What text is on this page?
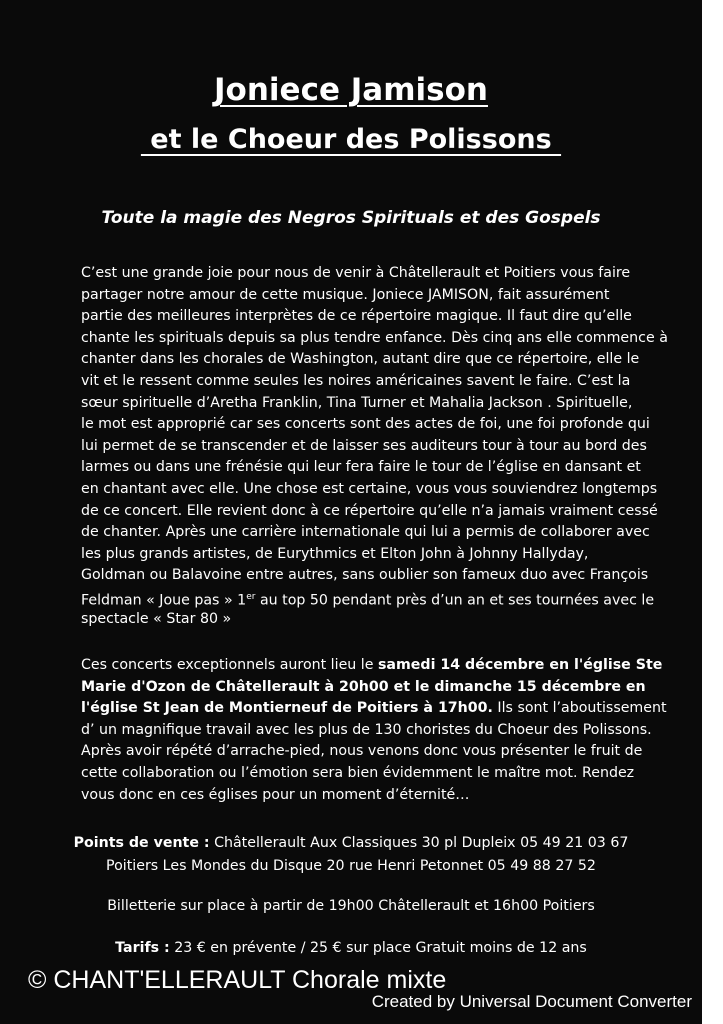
Joniece Jamison
et le Choeur des Polissons
Toute la magie des Negros Spirituals et des Gospels
C’est une grande joie pour nous de venir à Châtellerault et Poitiers vous faire
partager notre amour de cette musique. Joniece JAMISON, fait assurément
partie des meilleures interprètes de ce répertoire magique. Il faut dire qu’elle
chante les spirituals depuis sa plus tendre enfance. Dès cinq ans elle commence à
chanter dans les chorales de Washington, autant dire que ce répertoire, elle le
vit et le ressent comme seules les noires américaines savent le faire. C’est la
sœur spirituelle d’Aretha Franklin, Tina Turner et Mahalia Jackson . Spirituelle,
le mot est approprié car ses concerts sont des actes de foi, une foi profonde qui
lui permet de se transcender et de laisser ses auditeurs tour à tour au bord des
larmes ou dans une frénésie qui leur fera faire le tour de l’église en dansant et
en chantant avec elle. Une chose est certaine, vous vous souviendrez longtemps
de ce concert. Elle revient donc à ce répertoire qu’elle n’a jamais vraiment cessé
de chanter. Après une carrière internationale qui lui a permis de collaborer avec
les plus grands artistes, de Eurythmics et Elton John à Johnny Hallyday,
Goldman ou Balavoine entre autres, sans oublier son fameux duo avec François
Feldman « Joue pas » 1er au top 50 pendant près d’un an et ses tournées avec le
spectacle « Star 80 »
Ces concerts exceptionnels auront lieu le samedi 14 décembre en l'église Ste
Marie d'Ozon de Châtellerault à 20h00 et le dimanche 15 décembre en
l'église St Jean de Montierneuf de Poitiers à 17h00. Ils sont l’aboutissement
d’ un magnifique travail avec les plus de 130 choristes du Choeur des Polissons.
Après avoir répété d’arrache-pied, nous venons donc vous présenter le fruit de
cette collaboration ou l’émotion sera bien évidemment le maître mot. Rendez
vous donc en ces églises pour un moment d’éternité…
Points de vente : Châtellerault Aux Classiques 30 pl Dupleix 05 49 21 03 67
Poitiers Les Mondes du Disque 20 rue Henri Petonnet 05 49 88 27 52
Billetterie sur place à partir de 19h00 Châtellerault et 16h00 Poitiers
Tarifs : 23 € en prévente / 25 € sur place Gratuit moins de 12 ans
© CHANT'ELLERAULT Chorale mixte
Created by Universal Document Converter
